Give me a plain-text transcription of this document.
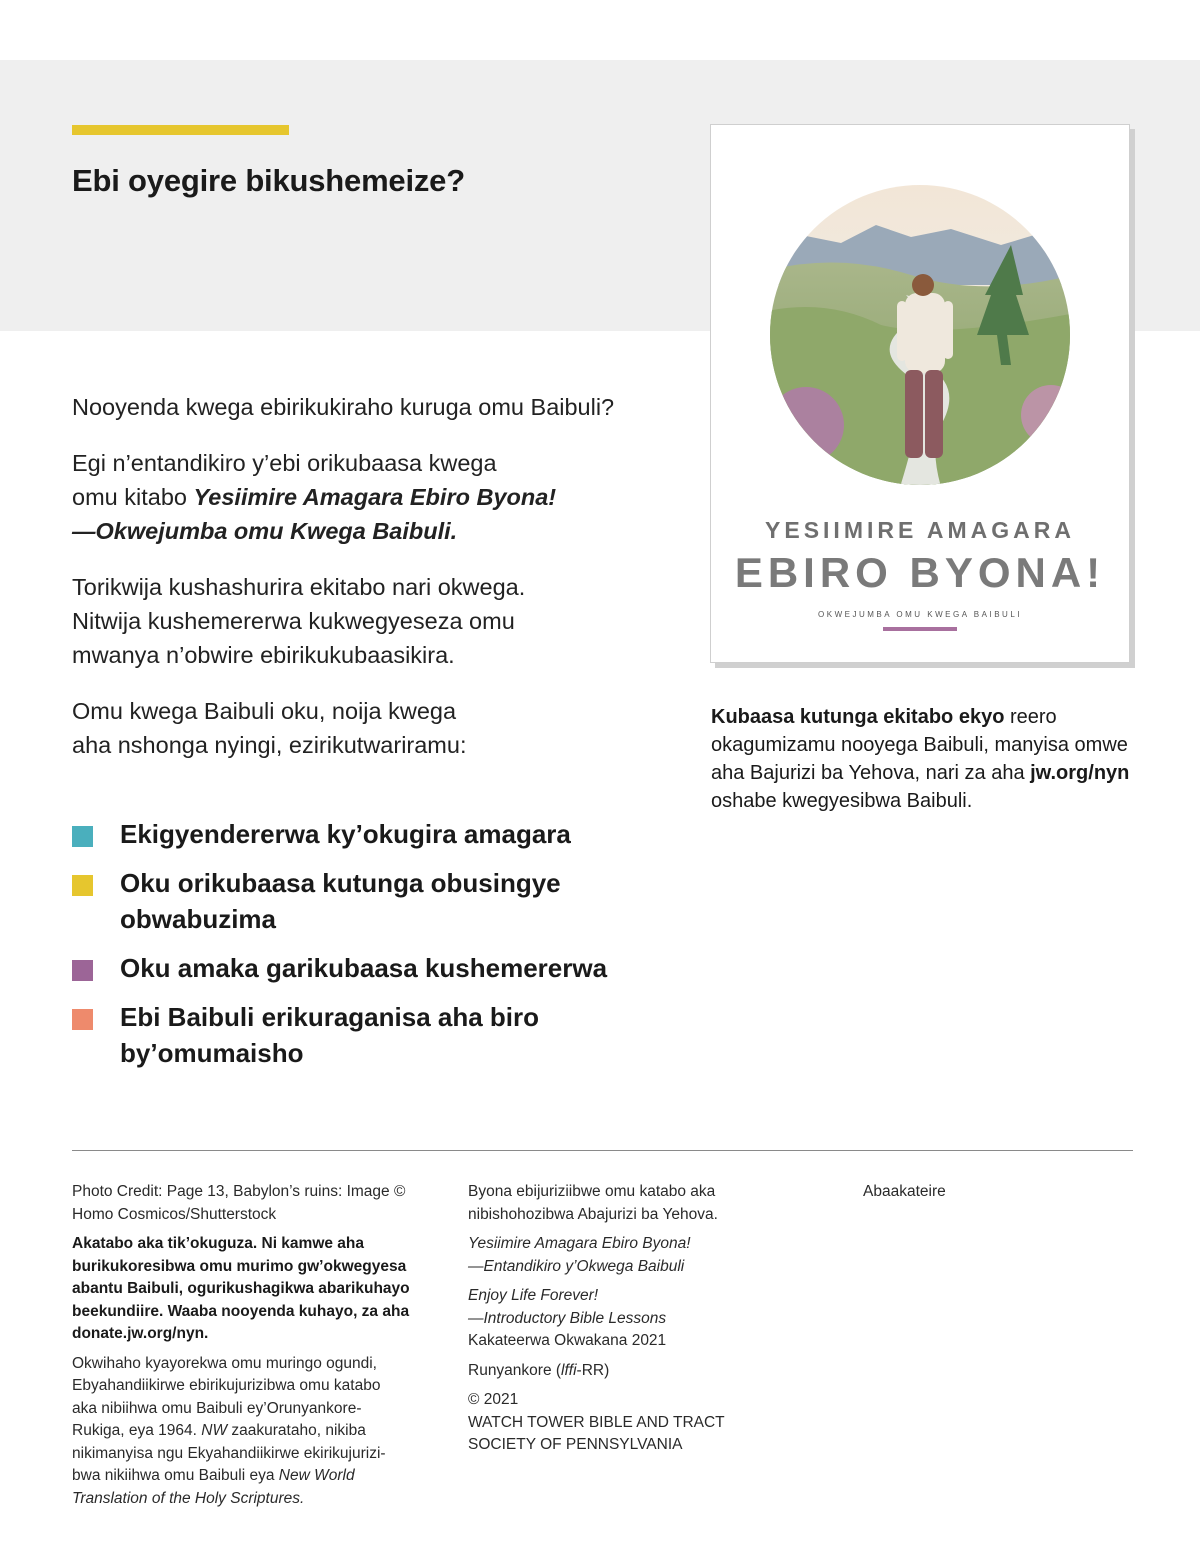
Ebi oyegire bikushemeize?

Nooyenda kwega ebirikukiraho kuruga omu Baibuli?

Egi n’entandikiro y’ebi orikubaasa kwega
omu kitabo Yesiimire Amagara Ebiro Byona!
—Okwejumba omu Kwega Baibuli.

Torikwija kushashurira ekitabo nari okwega.
Nitwija kushemererwa kukwegyeseza omu
mwanya n’obwire ebirikukubaasikira.

Omu kwega Baibuli oku, noija kwega
aha nshonga nyingi, ezirikutwariramu:

Ekigyendererwa ky’okugira amagara
Oku orikubaasa kutunga obusingye
obwabuzima
Oku amaka garikubaasa kushemererwa
Ebi Baibuli erikuraganisa aha biro
by’omumaisho
YESIIMIRE AMAGARA
EBIRO BYONA!
OKWEJUMBA OMU KWEGA BAIBULI
Kubaasa kutunga ekitabo ekyo reero okagumizamu nooyega Baibuli, manyisa omwe aha Bajurizi ba Yehova, nari za aha jw.org/nyn oshabe kwegyesibwa Baibuli.

Photo Credit: Page 13, Babylon’s ruins: Image ©
Homo Cosmicos/Shutterstock

Akatabo aka tik’okuguza. Ni kamwe aha
burikukoresibwa omu murimo gw’okwegyesa
abantu Baibuli, ogurikushagikwa abarikuhayo
beekundiire. Waaba nooyenda kuhayo, za aha
donate.jw.org/nyn.

Okwihaho kyayorekwa omu muringo ogundi,
Ebyahandiikirwe ebirikujurizibwa omu katabo
aka nibiihwa omu Baibuli ey’Orunyankore-
Rukiga, eya 1964. NW zaakurataho, nikiba
nikimanyisa ngu Ekyahandiikirwe ekirikujurizi-
bwa nikiihwa omu Baibuli eya New World
Translation of the Holy Scriptures.

Byona ebijuriziibwe omu katabo aka
nibishohozibwa Abajurizi ba Yehova.

Yesiimire Amagara Ebiro Byona!
—Entandikiro y’Okwega Baibuli

Enjoy Life Forever!
—Introductory Bible Lessons
Kakateerwa Okwakana 2021

Runyankore (lffi-RR)

© 2021
WATCH TOWER BIBLE AND TRACT
SOCIETY OF PENNSYLVANIA

Abaakateire
